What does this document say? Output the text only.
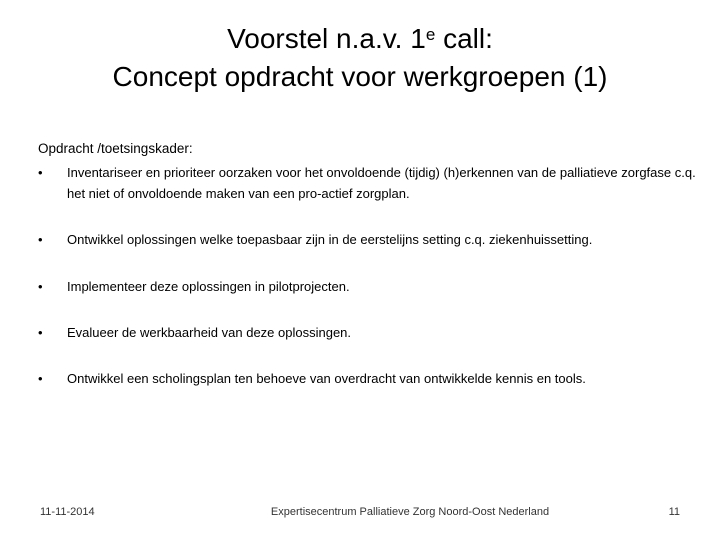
Voorstel n.a.v. 1e call:
Concept opdracht voor werkgroepen (1)
Opdracht /toetsingskader:
•	Inventariseer en prioriteer oorzaken voor het onvoldoende (tijdig) (h)erkennen van de palliatieve zorgfase c.q. het niet of onvoldoende maken van een pro-actief zorgplan.
•	Ontwikkel oplossingen welke toepasbaar zijn in de eerstelijns setting c.q. ziekenhuissetting.
•	Implementeer deze oplossingen in pilotprojecten.
•	Evalueer de werkbaarheid van deze oplossingen.
•	Ontwikkel een scholingsplan ten behoeve van overdracht van ontwikkelde kennis en tools.
11-11-2014	Expertisecentrum Palliatieve Zorg Noord-Oost Nederland	11
